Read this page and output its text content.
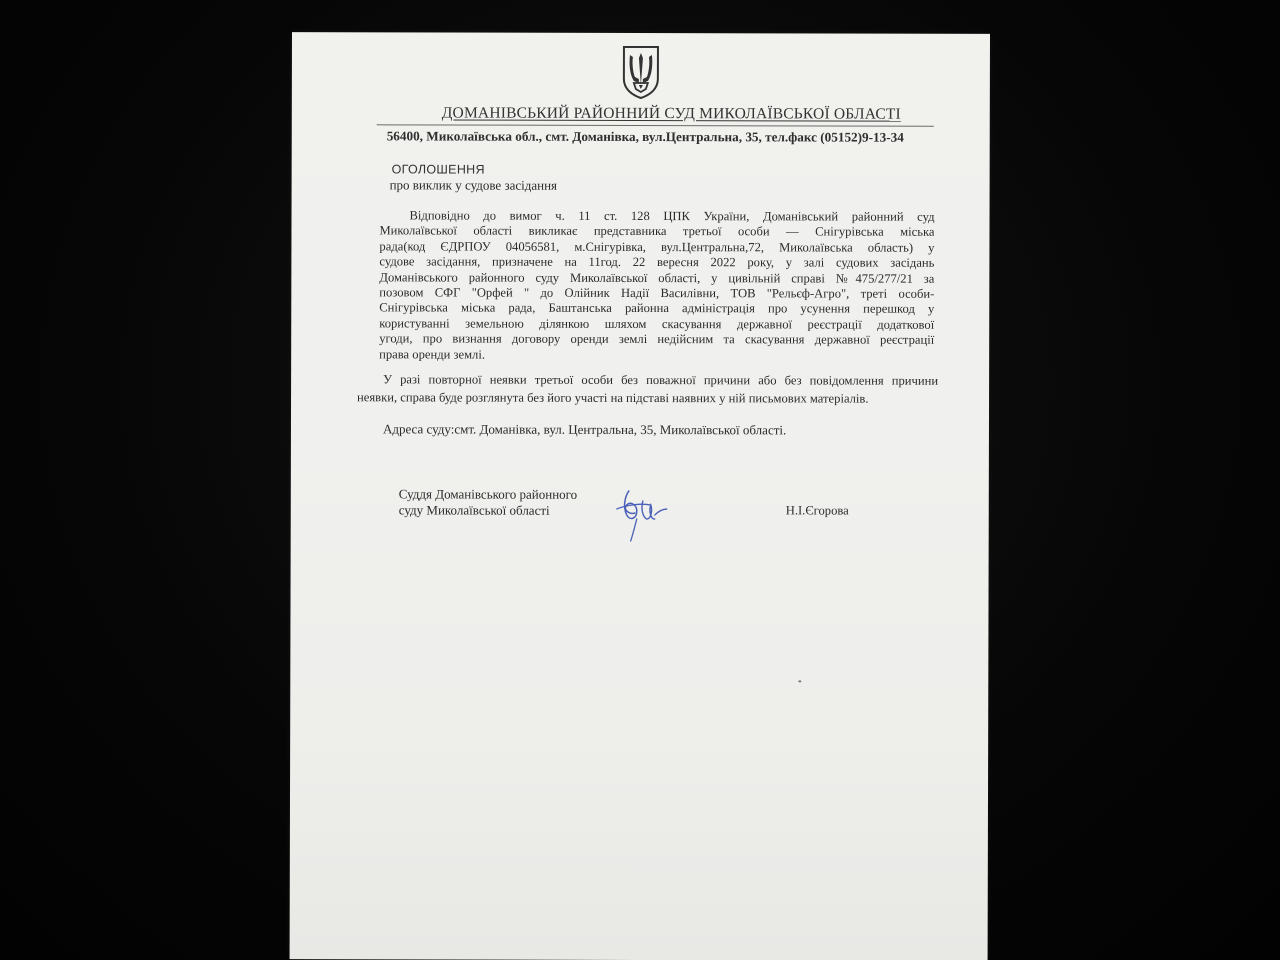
ДОМАНІВСЬКИЙ РАЙОННИЙ СУД МИКОЛАЇВСЬКОЇ ОБЛАСТІ
56400, Миколаївська обл., смт. Доманівка, вул.Центральна, 35, тел.факс (05152)9-13-34
ОГОЛОШЕННЯ
про виклик у судове засідання
Відповідно до вимог ч. 11 ст. 128 ЦПК України, Доманівський районний суд
Миколаївської області викликає представника третьої особи — Снігурівська міська
рада(код ЄДРПОУ 04056581, м.Снігурівка, вул.Центральна,72, Миколаївська область) у
судове засідання, призначене на 11год. 22 вересня 2022 року, у залі судових засідань
Доманівського районного суду Миколаївської області, у цивільній справі №475/277/21 за
позовом СФГ "Орфей " до Олійник Надії Василівни, ТОВ "Рельєф-Агро", треті особи-
Снігурівська міська рада, Баштанська районна адміністрація про усунення перешкод у
користуванні земельною ділянкою шляхом скасування державної реєстрації додаткової
угоди, про визнання договору оренди землі недійсним та скасування державної реєстрації
права оренди землі.
У разі повторної неявки третьої особи без поважної причини або без повідомлення причини
неявки, справа буде розглянута без його участі на підставі наявних у ній письмових матеріалів.
Адреса суду:смт. Доманівка, вул. Центральна, 35, Миколаївської області.
Суддя Доманівського районного
суду Миколаївської області	Н.І.Єгорова
